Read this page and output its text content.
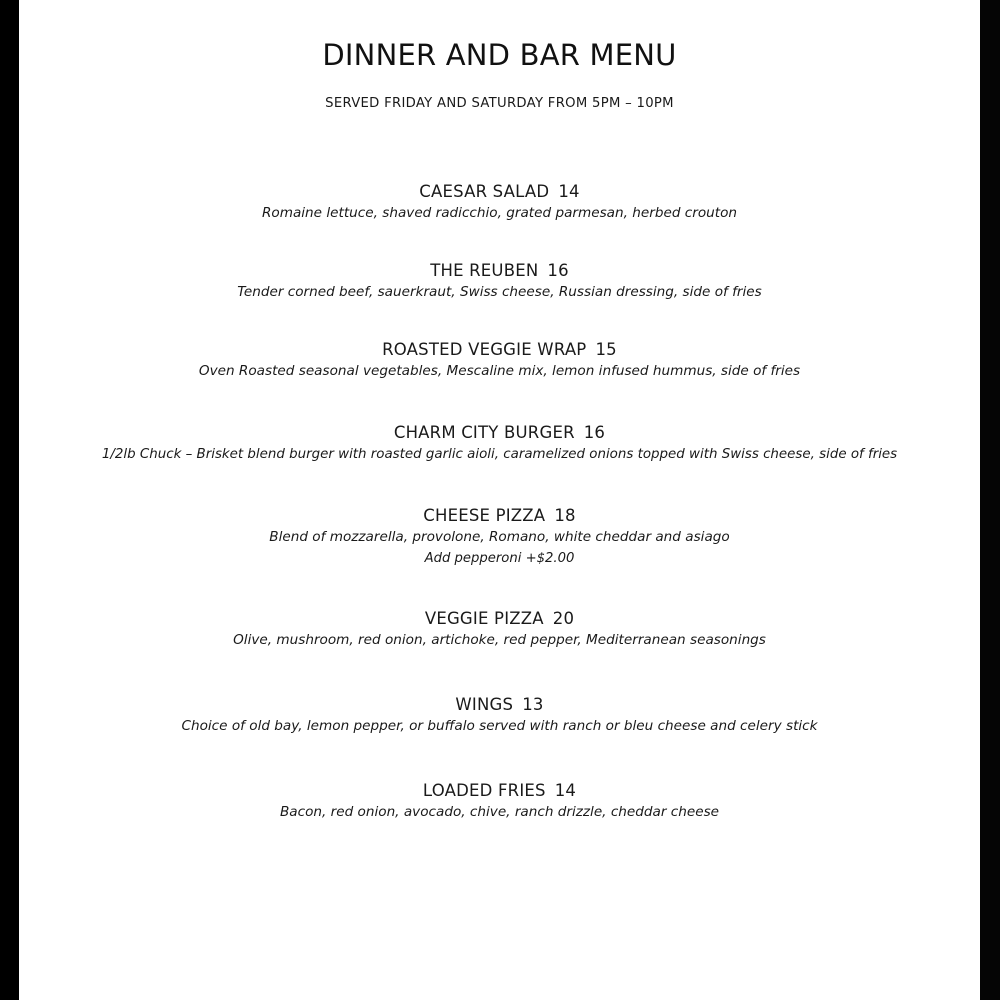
DINNER AND BAR MENU
SERVED FRIDAY AND SATURDAY FROM 5PM – 10PM
CAESAR SALAD 14
Romaine lettuce, shaved radicchio, grated parmesan, herbed crouton
THE REUBEN 16
Tender corned beef, sauerkraut, Swiss cheese, Russian dressing, side of fries
ROASTED VEGGIE WRAP 15
Oven Roasted seasonal vegetables, Mescaline mix, lemon infused hummus, side of fries
CHARM CITY BURGER 16
1/2lb Chuck – Brisket blend burger with roasted garlic aioli, caramelized onions topped with Swiss cheese, side of fries
CHEESE PIZZA 18
Blend of mozzarella, provolone, Romano, white cheddar and asiago
Add pepperoni +$2.00
VEGGIE PIZZA 20
Olive, mushroom, red onion, artichoke, red pepper, Mediterranean seasonings
WINGS 13
Choice of old bay, lemon pepper, or buffalo served with ranch or bleu cheese and celery stick
LOADED FRIES 14
Bacon, red onion, avocado, chive, ranch drizzle, cheddar cheese
